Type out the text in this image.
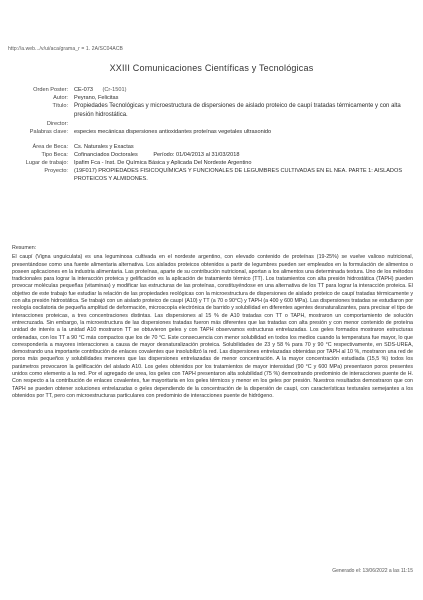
http://a.web.../v/ui/aca/grama_r = 1. 2A/SC04ACB
XXIII Comunicaciones Científicas y Tecnológicas
Orden Poster:	CE-073 (Cr-1501)
Autor:	Peyrano, Felicitas
Título:	Propiedades Tecnológicas y microestructura de dispersiones de aislado proteico de caupí tratadas térmicamente y con alta presión hidrostática.
Director:
Palabras clave:	especies mecánicas dispersiones antioxidantes proteínas vegetales ultrasonido
Área de Beca:	Cs. Naturales y Exactas
Tipo Beca:	Cofinanciados Doctorales	Período: 01/04/2013 al 31/03/2018
Lugar de trabajo:	Ipafim Fca - Inst. De Química Básica y Aplicada Del Nordeste Argentino
Proyecto:	(19F017) PROPIEDADES FISICOQUÍMICAS Y FUNCIONALES DE LEGUMBRES CULTIVADAS EN EL NEA. PARTE 1: AISLADOS PROTEICOS Y ALMIDONES.
Resumen:
El caupí (Vigna unguiculata) es una leguminosa cultivada en el nordeste argentino, con elevado contenido de proteínas (19-25%) se vuelve valioso nutricional, presentándose como una fuente alimentaria alternativa. Los aislados proteicos obtenidos a partir de legumbres pueden ser empleados en la formulación de alimentos o poseen aplicaciones en la industria alimentaria. Las proteínas, aparte de su contribución nutricional, aportan a los alimentos una determinada textura. Uno de los métodos tradicionales para lograr la interacción proteica y gelificación es la aplicación de tratamiento térmico (TT). Los tratamientos con alta presión hidrostática (TAPH) pueden provocar moléculas pequeñas (vitaminas) y modificar las estructuras de las proteínas, constituyéndose en una alternativa de los TT para lograr la interacción proteica. El objetivo de este trabajo fue estudiar la relación de las propiedades reológicas con la microestructura de dispersiones de aislado proteico de caupí tratadas térmicamente y con alta presión hidrostática. Se trabajó con un aislado proteico de caupí (A10) y TT (a 70 o 90°C) y TAPH (a 400 y 600 MPa). Las dispersiones tratadas se estudiaron por reología oscilatoria de pequeña amplitud de deformación, microscopía electrónica de barrido y solubilidad en diferentes agentes desnaturalizantes, para precisar el tipo de interacciones proteicas, a tres concentraciones distintas. Las dispersiones al 15 % de A10 tratadas con TT o TAPH, mostraron un comportamiento de solución entrecruzada. Sin embargo, la microestructura de las dispersiones tratadas fueron más diferentes que las tratadas con alta presión y con menor contenido de proteína unidad de interés a la unidad A10 mostraron TT se obtuvieron geles y con TAPH observamos estructuras entrelazadas. Los geles formados mostraron estructuras ordenadas, con los TT a 90 °C más compactos que los de 70 °C. Este consecuencia con menor solubilidad en todos los medios cuando la temperatura fue mayor, lo que correspondería a mayores interacciones a causa de mayor desnaturalización proteica. Solubilidades de 23 y 58 % para 70 y 90 °C respectivamente, en SDS-UREA, demostrando una importante contribución de enlaces covalentes que insolubilizó la red. Las dispersiones entrelazadas obtenidas por TAPH al 10 %, mostraron una red de poros más pequeños y solubilidades menores que las dispersiones entrelazadas de menor concentración. A la mayor concentración estudiada (15,5 %) todos los parámetros provocaron la gelificación del aislado A10. Los geles obtenidos por los tratamientos de mayor intensidad (90 °C y 600 MPa) presentaron poros presentes unidos como elemento a la red. Por el agregado de urea, los geles con TAPH presentaron alta solubilidad (75 %) demostrando predominio de interacciones puente de H. Con respecto a la contribución de enlaces covalentes, fue mayoritaria en los geles térmicos y menor en los geles por presión. Nuestros resultados demostraron que con TAPH se pueden obtener soluciones entrelazadas o geles dependiendo de la concentración de la dispersión de caupí, con características texturales semejantes a los obtenidos por TT, pero con microestructuras particulares con predominio de interacciones puente de hidrógeno.
Generado el: 13/06/2022 a las 11:15
